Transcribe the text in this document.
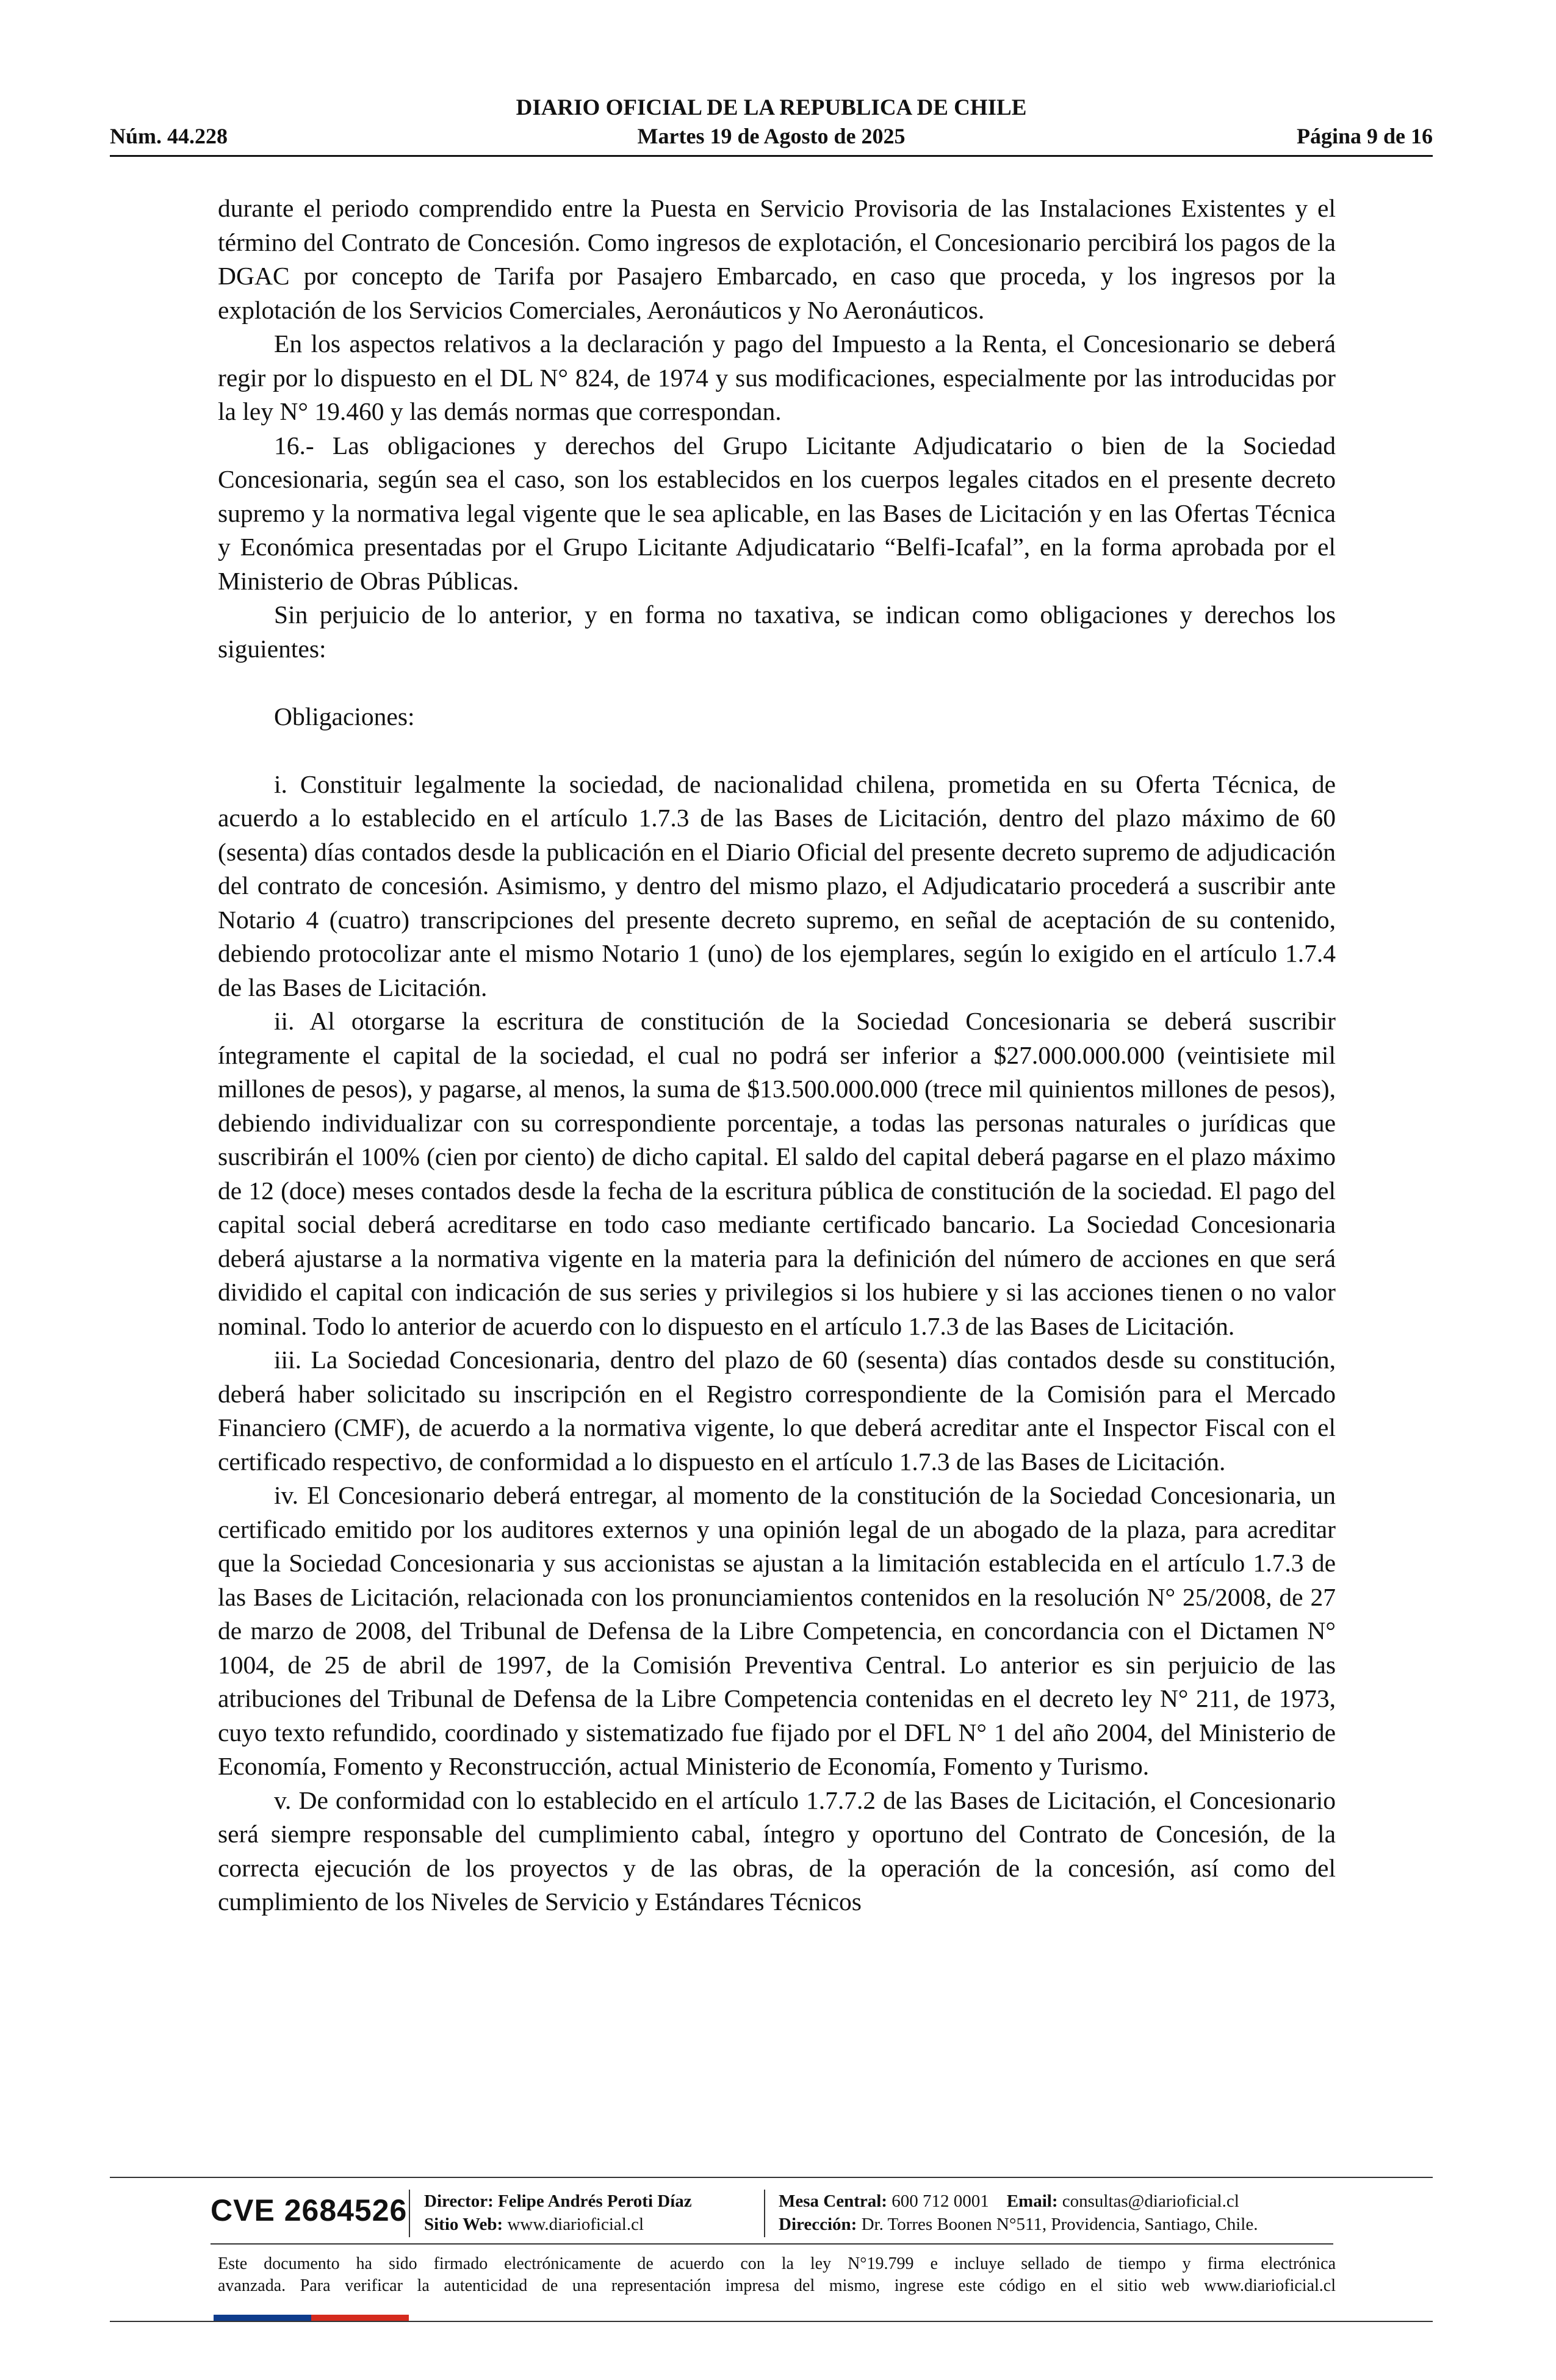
DIARIO OFICIAL DE LA REPUBLICA DE CHILE
Núm. 44.228	Martes 19 de Agosto de 2025	Página 9 de 16

durante el periodo comprendido entre la Puesta en Servicio Provisoria de las Instalaciones Existentes y el término del Contrato de Concesión. Como ingresos de explotación, el Concesionario percibirá los pagos de la DGAC por concepto de Tarifa por Pasajero Embarcado, en caso que proceda, y los ingresos por la explotación de los Servicios Comerciales, Aeronáuticos y No Aeronáuticos.

En los aspectos relativos a la declaración y pago del Impuesto a la Renta, el Concesionario se deberá regir por lo dispuesto en el DL N° 824, de 1974 y sus modificaciones, especialmente por las introducidas por la ley N° 19.460 y las demás normas que correspondan.

16.- Las obligaciones y derechos del Grupo Licitante Adjudicatario o bien de la Sociedad Concesionaria, según sea el caso, son los establecidos en los cuerpos legales citados en el presente decreto supremo y la normativa legal vigente que le sea aplicable, en las Bases de Licitación y en las Ofertas Técnica y Económica presentadas por el Grupo Licitante Adjudicatario “Belfi-Icafal”, en la forma aprobada por el Ministerio de Obras Públicas.

Sin perjuicio de lo anterior, y en forma no taxativa, se indican como obligaciones y derechos los siguientes:

Obligaciones:

i. Constituir legalmente la sociedad, de nacionalidad chilena, prometida en su Oferta Técnica, de acuerdo a lo establecido en el artículo 1.7.3 de las Bases de Licitación, dentro del plazo máximo de 60 (sesenta) días contados desde la publicación en el Diario Oficial del presente decreto supremo de adjudicación del contrato de concesión. Asimismo, y dentro del mismo plazo, el Adjudicatario procederá a suscribir ante Notario 4 (cuatro) transcripciones del presente decreto supremo, en señal de aceptación de su contenido, debiendo protocolizar ante el mismo Notario 1 (uno) de los ejemplares, según lo exigido en el artículo 1.7.4 de las Bases de Licitación.

ii. Al otorgarse la escritura de constitución de la Sociedad Concesionaria se deberá suscribir íntegramente el capital de la sociedad, el cual no podrá ser inferior a $27.000.000.000 (veintisiete mil millones de pesos), y pagarse, al menos, la suma de $13.500.000.000 (trece mil quinientos millones de pesos), debiendo individualizar con su correspondiente porcentaje, a todas las personas naturales o jurídicas que suscribirán el 100% (cien por ciento) de dicho capital. El saldo del capital deberá pagarse en el plazo máximo de 12 (doce) meses contados desde la fecha de la escritura pública de constitución de la sociedad. El pago del capital social deberá acreditarse en todo caso mediante certificado bancario. La Sociedad Concesionaria deberá ajustarse a la normativa vigente en la materia para la definición del número de acciones en que será dividido el capital con indicación de sus series y privilegios si los hubiere y si las acciones tienen o no valor nominal. Todo lo anterior de acuerdo con lo dispuesto en el artículo 1.7.3 de las Bases de Licitación.

iii. La Sociedad Concesionaria, dentro del plazo de 60 (sesenta) días contados desde su constitución, deberá haber solicitado su inscripción en el Registro correspondiente de la Comisión para el Mercado Financiero (CMF), de acuerdo a la normativa vigente, lo que deberá acreditar ante el Inspector Fiscal con el certificado respectivo, de conformidad a lo dispuesto en el artículo 1.7.3 de las Bases de Licitación.

iv. El Concesionario deberá entregar, al momento de la constitución de la Sociedad Concesionaria, un certificado emitido por los auditores externos y una opinión legal de un abogado de la plaza, para acreditar que la Sociedad Concesionaria y sus accionistas se ajustan a la limitación establecida en el artículo 1.7.3 de las Bases de Licitación, relacionada con los pronunciamientos contenidos en la resolución N° 25/2008, de 27 de marzo de 2008, del Tribunal de Defensa de la Libre Competencia, en concordancia con el Dictamen N° 1004, de 25 de abril de 1997, de la Comisión Preventiva Central. Lo anterior es sin perjuicio de las atribuciones del Tribunal de Defensa de la Libre Competencia contenidas en el decreto ley N° 211, de 1973, cuyo texto refundido, coordinado y sistematizado fue fijado por el DFL N° 1 del año 2004, del Ministerio de Economía, Fomento y Reconstrucción, actual Ministerio de Economía, Fomento y Turismo.

v. De conformidad con lo establecido en el artículo 1.7.7.2 de las Bases de Licitación, el Concesionario será siempre responsable del cumplimiento cabal, íntegro y oportuno del Contrato de Concesión, de la correcta ejecución de los proyectos y de las obras, de la operación de la concesión, así como del cumplimiento de los Niveles de Servicio y Estándares Técnicos

CVE 2684526 Director: Felipe Andrés Peroti Díaz
Sitio Web: www.diarioficial.cl
Mesa Central: 600 712 0001 Email: consultas@diarioficial.cl
Dirección: Dr. Torres Boonen N°511, Providencia, Santiago, Chile.
Este documento ha sido firmado electrónicamente de acuerdo con la ley N°19.799 e incluye sellado de tiempo y firma electrónica
avanzada. Para verificar la autenticidad de una representación impresa del mismo, ingrese este código en el sitio web www.diarioficial.cl
